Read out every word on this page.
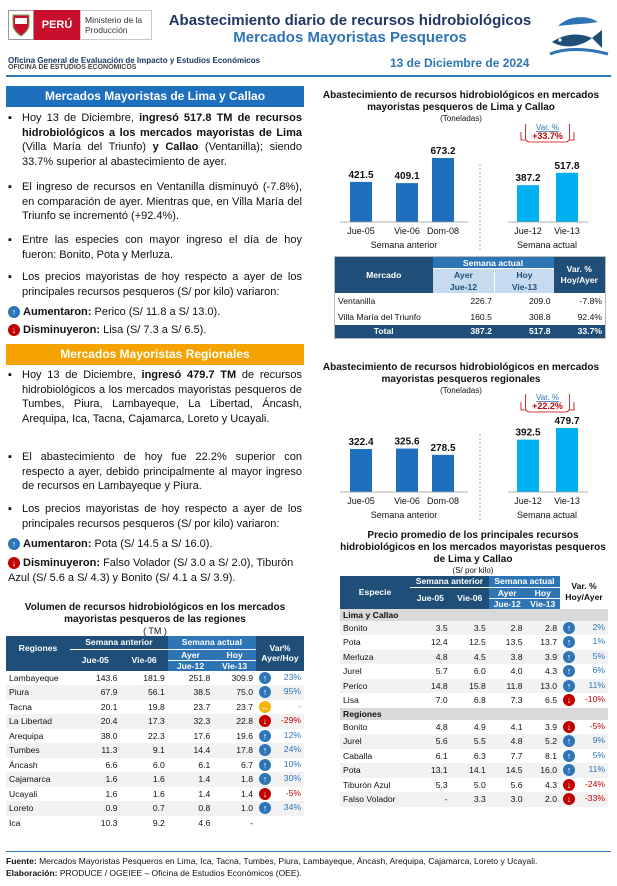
PERÚ	Ministerio de la Producción
Abastecimiento diario de recursos hidrobiológicos
Mercados Mayoristas Pesqueros
Oficina General de Evaluación de Impacto y Estudios Económicos
OFICINA DE ESTUDIOS ECONÓMICOS	13 de Diciembre de 2024
Mercados Mayoristas de Lima y Callao
▪ Hoy 13 de Diciembre, ingresó 517.8 TM de recursos hidrobiológicos a los mercados mayoristas de Lima (Villa María del Triunfo) y Callao (Ventanilla); siendo 33.7% superior al abastecimiento de ayer.
▪ El ingreso de recursos en Ventanilla disminuyó (-7.8%), en comparación de ayer. Mientras que, en Villa María del Triunfo se incrementó (+92.4%).
▪ Entre las especies con mayor ingreso el día de hoy fueron: Bonito, Pota y Merluza.
▪ Los precios mayoristas de hoy respecto a ayer de los principales recursos pesqueros (S/ por kilo) variaron:
↑ Aumentaron: Perico (S/ 11.8 a S/ 13.0).
↓ Disminuyeron: Lisa (S/ 7.3 a S/ 6.5).
Mercados Mayoristas Regionales
▪ Hoy 13 de Diciembre, ingresó 479.7 TM de recursos hidrobiológicos a los mercados mayoristas pesqueros de Tumbes, Piura, Lambayeque, La Libertad, Áncash, Arequipa, Ica, Tacna, Cajamarca, Loreto y Ucayali.
▪ El abastecimiento de hoy fue 22.2% superior con respecto a ayer, debido principalmente al mayor ingreso de recursos en Lambayeque y Piura.
▪ Los precios mayoristas de hoy respecto a ayer de los principales recursos pesqueros (S/ por kilo) variaron:
↑ Aumentaron: Pota (S/ 14.5 a S/ 16.0).
↓ Disminuyeron: Falso Volador (S/ 3.0 a S/ 2.0), Tiburón Azul (S/ 5.6 a S/ 4.3) y Bonito (S/ 4.1 a S/ 3.9).
Volumen de recursos hidrobiológicos en los mercados mayoristas pesqueros de las regiones
( TM )
Regiones	Semana anterior		Semana actual		Var% Ayer/Hoy
	Jue-05	Vie-06	Ayer	Hoy	
			Jue-12	Vie-13	
Lambayeque	143.6	181.9	251.8	309.9	↑ 23%
Piura	67.9	56.1	38.5	75.0	↑ 95%
Tacna	20.1	19.8	23.7	23.7	↔ -
La Libertad	20.4	17.3	32.3	22.8	↓ -29%
Arequipa	38.0	22.3	17.6	19.6	↑ 12%
Tumbes	11.3	9.1	14.4	17.8	↑ 24%
Áncash	6.6	6.0	6.1	6.7	↑ 10%
Cajamarca	1.6	1.6	1.4	1.8	↑ 30%
Ucayali	1.6	1.6	1.4	1.4	↓ -5%
Loreto	0.9	0.7	0.8	1.0	↑ 34%
Ica	10.3	9.2	4.6	-	
Abastecimiento de recursos hidrobiológicos en mercados mayoristas pesqueros de Lima y Callao
(Toneladas)
Var. %
+33.7%
421.5
Jue-05
409.1
Vie-06
673.2
Dom-08
387.2
Jue-12
517.8
Vie-13
Semana anterior	Semana actual
Mercado	Semana actual		Var. % Hoy/Ayer
	Ayer	Hoy	
	Jue-12	Vie-13	
Ventanilla	226.7	209.0	-7.8%
Villa María del Triunfo	160.5	308.8	92.4%
Total	387.2	517.8	33.7%
Abastecimiento de recursos hidrobiológicos en mercados mayoristas pesqueros regionales
(Toneladas)
Var. %
+22.2%
322.4
Jue-05
325.6
Vie-06
278.5
Dom-08
392.5
Jue-12
479.7
Vie-13
Semana anterior	Semana actual
Precio promedio de los principales recursos hidrobiológicos en los mercados mayoristas pesqueros de Lima y Callao
(S/ por kilo)
Especie	Semana anterior		Semana actual		Var. % Hoy/Ayer
	Jue-05	Vie-06	Ayer	Hoy	
			Jue-12	Vie-13	
Lima y Callao					
Bonito	3.5	3.5	2.8	2.8	↑ 2%
Pota	12.4	12.5	13.5	13.7	↑ 1%
Merluza	4.8	4.5	3.8	3.9	↑ 5%
Jurel	5.7	6.0	4.0	4.3	↑ 6%
Perico	14.8	15.8	11.8	13.0	↑ 11%
Lisa	7.0	6.8	7.3	6.5	↓ -10%
Regiones					
Bonito	4.8	4.9	4.1	3.9	↓ -5%
Jurel	5.6	5.5	4.8	5.2	↑ 9%
Caballa	6.1	6.3	7.7	8.1	↑ 5%
Pota	13.1	14.1	14.5	16.0	↑ 11%
Tiburón Azul	5.3	5.0	5.6	4.3	↓ -24%
Falso Volador	-	3.3	3.0	2.0	↓ -33%
Fuente: Mercados Mayoristas Pesqueros en Lima, Ica, Tacna, Tumbes, Piura, Lambayeque, Áncash, Arequipa, Cajamarca, Loreto y Ucayali.
Elaboración: PRODUCE / OGEIEE – Oficina de Estudios Económicos (OEE).
